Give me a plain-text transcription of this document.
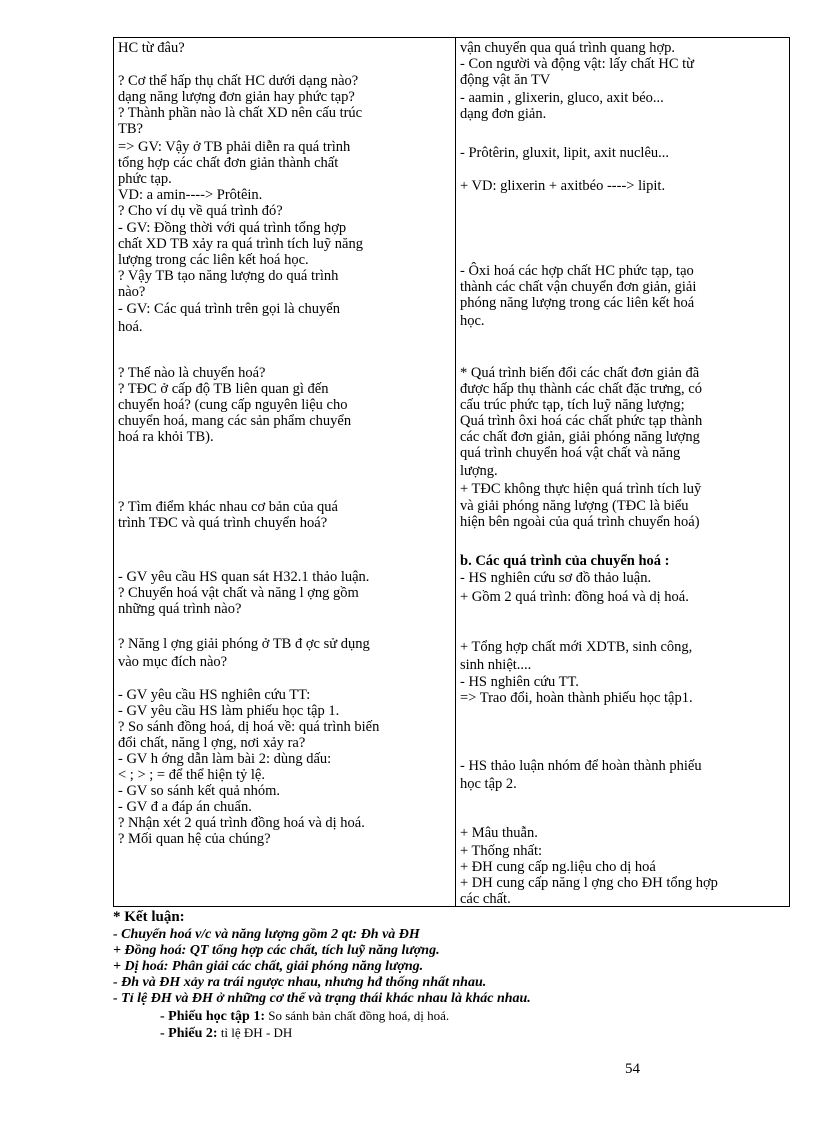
HC từ đâu?
? Cơ thể hấp thụ chất HC dưới dạng nào?
dạng năng lượng đơn giản hay phức tạp?
? Thành phần nào là chất XD nên cấu trúc
TB?
=> GV: Vậy ở TB phải diễn ra quá trình
tổng hợp các chất đơn giản thành chất
phức tạp.
VD: a amin----> Prôtêin.
? Cho ví dụ về quá trình đó?
- GV: Đồng thời với quá trình tổng hợp
chất XD TB xảy ra quá trình tích luỹ năng
lượng trong các liên kết hoá học.
? Vậy TB tạo năng lượng do quá trình
nào?
- GV: Các quá trình trên gọi là chuyển
hoá.
? Thế nào là chuyển hoá?
? TĐC ở cấp độ TB liên quan gì đến
chuyển hoá? (cung cấp nguyên liệu cho
chuyển hoá, mang các sản phẩm chuyển
hoá ra khỏi TB).
? Tìm điểm khác nhau cơ bản của quá
trình TĐC và quá trình chuyển hoá?
- GV yêu cầu HS quan sát H32.1 thảo luận.
? Chuyển hoá vật chất và năng l ợng gồm
những quá trình nào?
? Năng l ợng giải phóng ở TB đ ợc sử dụng
vào mục đích nào?
- GV yêu cầu HS nghiên cứu TT:
- GV yêu cầu HS làm phiếu học tập 1.
? So sánh đồng hoá, dị hoá về: quá trình biến
đổi chất, năng l ợng, nơi xảy ra?
- GV h ớng dẫn làm bài 2: dùng dấu:
< ; > ; = để thể hiện tỷ lệ.
- GV so sánh kết quả nhóm.
- GV đ a đáp án chuẩn.
? Nhận xét 2 quá trình đồng hoá và dị hoá.
? Mối quan hệ của chúng?
vận chuyển qua quá trình quang hợp.
- Con người và động vật: lấy chất HC từ
động vật ăn TV
- aamin , glixerin, gluco, axit béo...
dạng đơn giản.
- Prôtêrin, gluxit, lipit, axit nuclêu...
+ VD: glixerin + axitbéo ----> lipit.
- Ôxi hoá các hợp chất HC phức tạp, tạo
thành các chất vận chuyển đơn giản, giải
phóng năng lượng trong các liên kết hoá
học.
* Quá trình biến đổi các chất đơn giản đã
được hấp thụ thành các chất đặc trưng, có
cấu trúc phức tạp, tích luỹ năng lượng;
Quá trình ôxi hoá các chất phức tạp thành
các chất đơn giản, giải phóng năng lượng
quá trình chuyển hoá vật chất và năng
lượng.
+ TĐC không thực hiện quá trình tích luỹ
và giải phóng năng lượng (TĐC là biểu
hiện bên ngoài của quá trình chuyển hoá)
b. Các quá trình của chuyển hoá :
- HS nghiên cứu sơ đồ thảo luận.
+ Gồm 2 quá trình: đồng hoá và dị hoá.
+ Tổng hợp chất mới XDTB, sinh công,
sinh nhiệt....
- HS nghiên cứu TT.
=> Trao đổi, hoàn thành phiếu học tập1.
- HS thảo luận nhóm để hoàn thành phiếu
học tập 2.
+ Mâu thuẫn.
+ Thống nhất:
+ ĐH cung cấp ng.liệu cho dị hoá
+ DH cung cấp năng l ợng cho ĐH tổng hợp
các chất.
* Kết luận:
- Chuyển hoá v/c và năng lượng gồm 2 qt: Đh và ĐH
+ Đồng hoá: QT tổng hợp các chất, tích luỹ năng lượng.
+ Dị hoá: Phân giải các chất, giải phóng năng lượng.
- Đh và ĐH xảy ra trái ngược nhau, nhưng hđ thống nhất nhau.
- Tỉ lệ ĐH và ĐH ở những cơ thể và trạng thái khác nhau là khác nhau.
- Phiếu học tập 1: So sánh bản chất đồng hoá, dị hoá.
- Phiếu 2: tỉ lệ ĐH - DH
54
